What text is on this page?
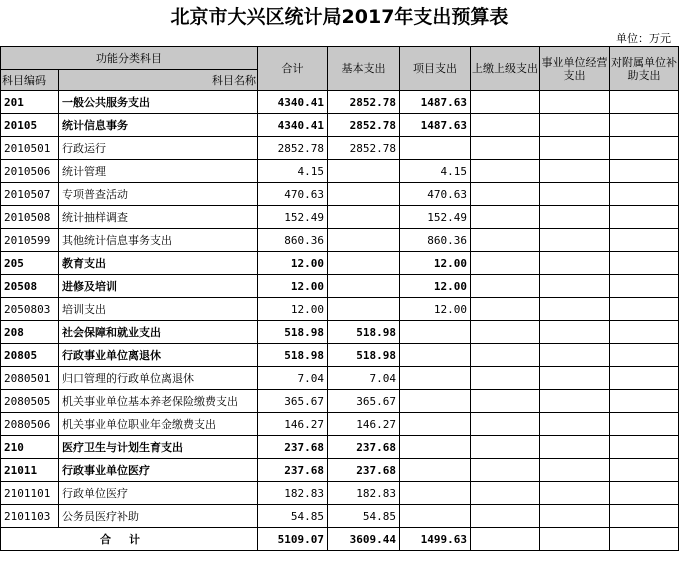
北京市大兴区统计局2017年支出预算表
单位：万元
功能分类科目		合计	基本支出	项目支出	上缴上级支出	事业单位经营支出	对附属单位补助支出
科目编码	科目名称						
201	一般公共服务支出	4340.41	2852.78	1487.63			
20105	统计信息事务	4340.41	2852.78	1487.63			
2010501	行政运行	2852.78	2852.78				
2010506	统计管理	4.15		4.15			
2010507	专项普查活动	470.63		470.63			
2010508	统计抽样调查	152.49		152.49			
2010599	其他统计信息事务支出	860.36		860.36			
205	教育支出	12.00		12.00			
20508	进修及培训	12.00		12.00			
2050803	培训支出	12.00		12.00			
208	社会保障和就业支出	518.98	518.98				
20805	行政事业单位离退休	518.98	518.98				
2080501	归口管理的行政单位离退休	7.04	7.04				
2080505	机关事业单位基本养老保险缴费支出	365.67	365.67				
2080506	机关事业单位职业年金缴费支出	146.27	146.27				
210	医疗卫生与计划生育支出	237.68	237.68				
21011	行政事业单位医疗	237.68	237.68				
2101101	行政单位医疗	182.83	182.83				
2101103	公务员医疗补助	54.85	54.85				
合计		5109.07	3609.44	1499.63			
